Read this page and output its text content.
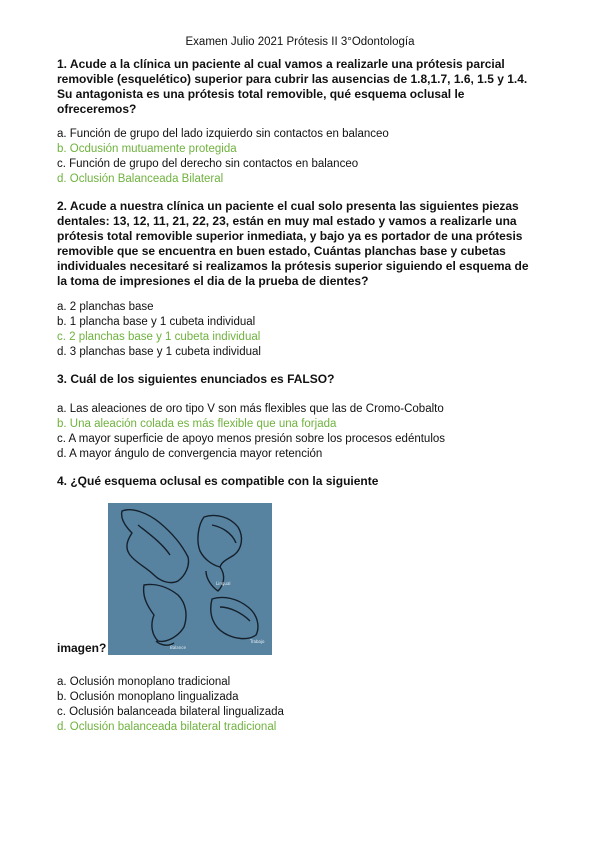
Examen Julio 2021 Prótesis II 3°Odontología
1. Acude a la clínica un paciente al cual vamos a realizarle una prótesis parcial removible (esquelético) superior para cubrir las ausencias de 1.8,1.7, 1.6, 1.5 y 1.4. Su antagonista es una prótesis total removible, qué esquema oclusal le ofreceremos?
a. Función de grupo del lado izquierdo sin contactos en balanceo
b. Ocdusión mutuamente protegida
c. Función de grupo del derecho sin contactos en balanceo
d. Oclusión Balanceada Bilateral
2. Acude a nuestra clínica un paciente el cual solo presenta las siguientes piezas dentales: 13, 12, 11, 21, 22, 23, están en muy mal estado y vamos a realizarle una prótesis total removible superior inmediata, y bajo ya es portador de una prótesis removible que se encuentra en buen estado, Cuántas planchas base y cubetas individuales necesitaré si realizamos la prótesis superior siguiendo el esquema de la toma de impresiones el dia de la prueba de dientes?
a. 2 planchas base
b. 1 plancha base y 1 cubeta individual
c. 2 planchas base y 1 cubeta individual
d. 3 planchas base y 1 cubeta individual
3. Cuál de los siguientes enunciados es FALSO?
a. Las aleaciones de oro tipo V son más flexibles que las de Cromo-Cobalto
b. Una aleación colada es más flexible que una forjada
c. A mayor superficie de apoyo menos presión sobre los procesos edéntulos
d. A mayor ángulo de convergencia mayor retención
4. ¿Qué esquema oclusal es compatible con la siguiente
Lingual
Balance
Trabajo
imagen?
a. Oclusión monoplano tradicional
b. Oclusión monoplano lingualizada
c. Oclusión balanceada bilateral lingualizada
d. Oclusión balanceada bilateral tradicional
